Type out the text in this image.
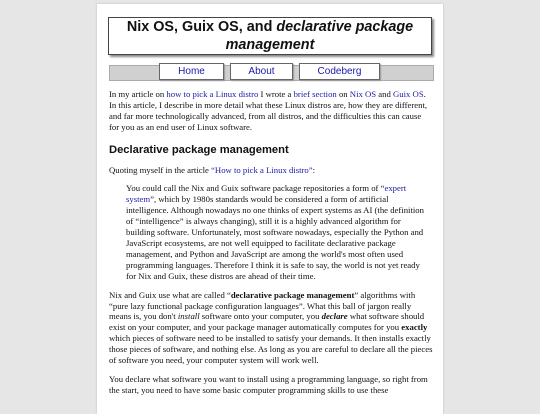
Nix OS, Guix OS, and declarative package management
Home	About	Codeberg

In my article on how to pick a Linux distro I wrote a brief section on Nix OS and Guix OS. In this article, I describe in more detail what these Linux distros are, how they are different, and far more technologically advanced, from all distros, and the difficulties this can cause for you as an end user of Linux software.

Declarative package management

Quoting myself in the article “How to pick a Linux distro”:

You could call the Nix and Guix software package repositories a form of “expert system”, which by 1980s standards would be considered a form of artificial intelligence. Although nowadays no one thinks of expert systems as AI (the definition of “intelligence” is always changing), still it is a highly advanced algorithm for building software. Unfortunately, most software nowadays, especially the Python and JavaScript ecosystems, are not well equipped to facilitate declarative package management, and Python and JavaScript are among the world's most often used programming languages. Therefore I think it is safe to say, the world is not yet ready for Nix and Guix, these distros are ahead of their time.

Nix and Guix use what are called “declarative package management” algorithms with “pure lazy functional package configuration languages”. What this ball of jargon really means is, you don't install software onto your computer, you declare what software should exist on your computer, and your package manager automatically computes for you exactly which pieces of software need to be installed to satisfy your demands. It then installs exactly those pieces of software, and nothing else. As long as you are careful to declare all the pieces of software you need, your computer system will work well.

You declare what software you want to install using a programming language, so right from the start, you need to have some basic computer programming skills to use these
